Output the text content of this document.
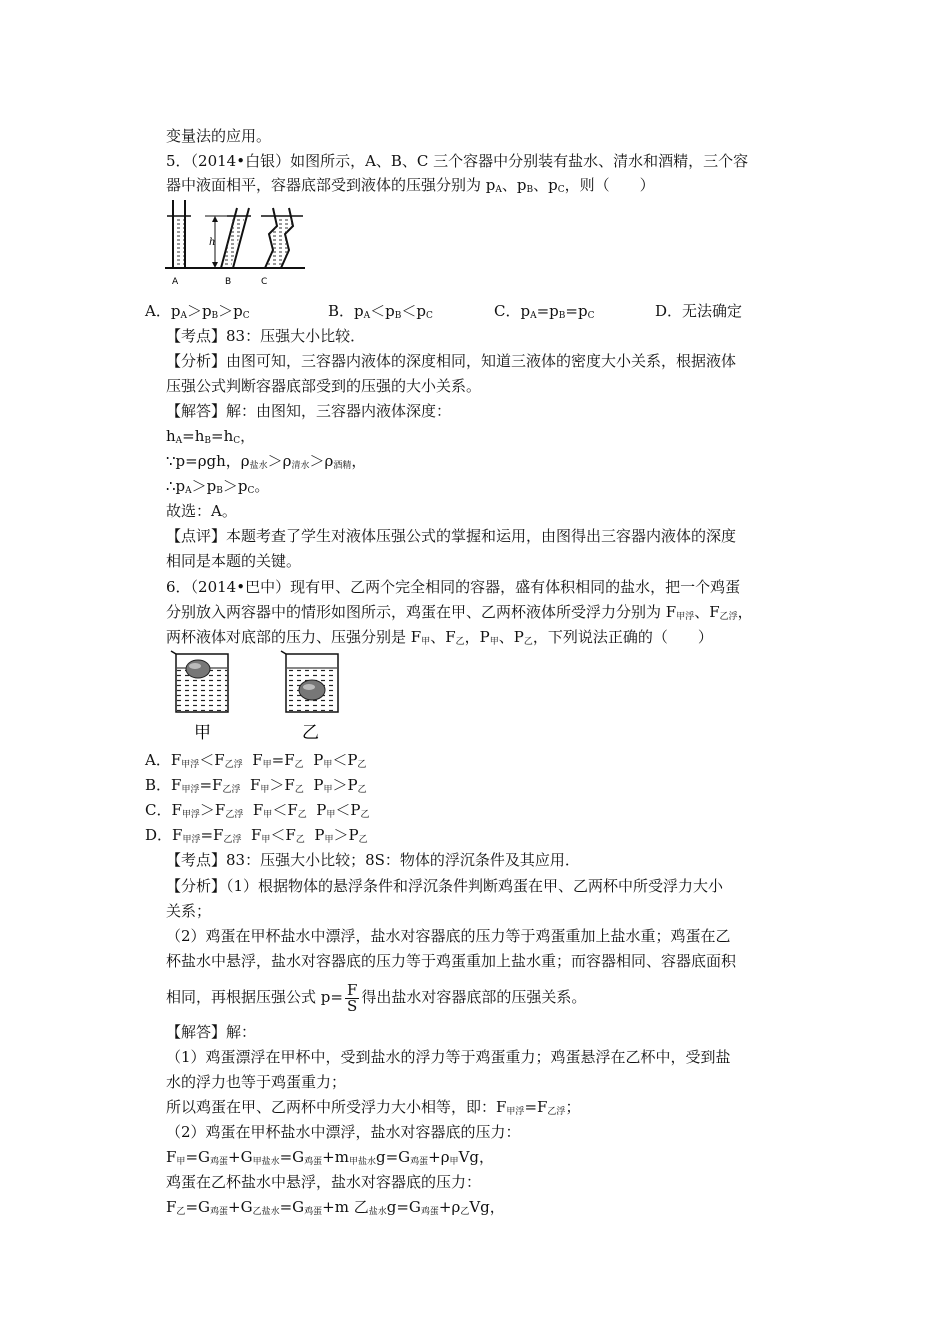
变量法的应用。
5．（2014•白银）如图所示，A、B、C 三个容器中分别装有盐水、清水和酒精，三个容
器中液面相平，容器底部受到液体的压强分别为 $p_A$、$p_B$、$p_C$，则（　　）
h
A	B	C
A．$p_A>p_B>p_C$	B．$p_A<p_B<p_C$	C．$p_A=p_B=p_C$	D．无法确定
【考点】83：压强大小比较．
【分析】由图可知，三容器内液体的深度相同，知道三液体的密度大小关系，根据液体
压强公式判断容器底部受到的压强的大小关系。
【解答】解：由图知，三容器内液体深度：
$h_A=h_B=h_C$，
∵p=ρgh，$\rho_{盐水}>\rho_{清水}>\rho_{酒精}$，
$\therefore p_A>p_B>p_C$。
故选：A。
【点评】本题考查了学生对液体压强公式的掌握和运用，由图得出三容器内液体的深度
相同是本题的关键。
6．（2014•巴中）现有甲、乙两个完全相同的容器，盛有体积相同的盐水，把一个鸡蛋
分别放入两容器中的情形如图所示，鸡蛋在甲、乙两杯液体所受浮力分别为 $F_{甲浮}$、$F_{乙浮}$，
两杯液体对底部的压力、压强分别是 $F_甲$、$F_乙$，$P_甲$、$P_乙$，下列说法正确的（　　）
甲	乙
A．$F_{甲浮}<F_{乙浮}$  $F_甲=F_乙$  $P_甲<P_乙$
B．$F_{甲浮}=F_{乙浮}$  $F_甲>F_乙$  $P_甲>P_乙$
C．$F_{甲浮}>F_{乙浮}$  $F_甲<F_乙$  $P_甲<P_乙$
D．$F_{甲浮}=F_{乙浮}$  $F_甲<F_乙$  $P_甲>P_乙$
【考点】83：压强大小比较；8S：物体的浮沉条件及其应用．
【分析】（1）根据物体的悬浮条件和浮沉条件判断鸡蛋在甲、乙两杯中所受浮力大小
关系；
（2）鸡蛋在甲杯盐水中漂浮，盐水对容器底的压力等于鸡蛋重加上盐水重；鸡蛋在乙
杯盐水中悬浮，盐水对容器底的压力等于鸡蛋重加上盐水重；而容器相同、容器底面积
相同，再根据压强公式 $p= \frac{F}{S}$ 得出盐水对容器底部的压强关系。
【解答】解：
（1）鸡蛋漂浮在甲杯中，受到盐水的浮力等于鸡蛋重力；鸡蛋悬浮在乙杯中，受到盐
水的浮力也等于鸡蛋重力；
所以鸡蛋在甲、乙两杯中所受浮力大小相等，即：$F_{甲浮}=F_{乙浮}$；
（2）鸡蛋在甲杯盐水中漂浮，盐水对容器底的压力：
$F_甲=G_{鸡蛋}+G_{甲盐水}=G_{鸡蛋}+m_{甲盐水}g=G_{鸡蛋}+\rho_甲Vg$，
鸡蛋在乙杯盐水中悬浮，盐水对容器底的压力：
$F_乙=G_{鸡蛋}+G_{乙盐水}=G_{鸡蛋}+m$ 乙$_{盐水}g=G_{鸡蛋}+\rho_乙Vg$，
